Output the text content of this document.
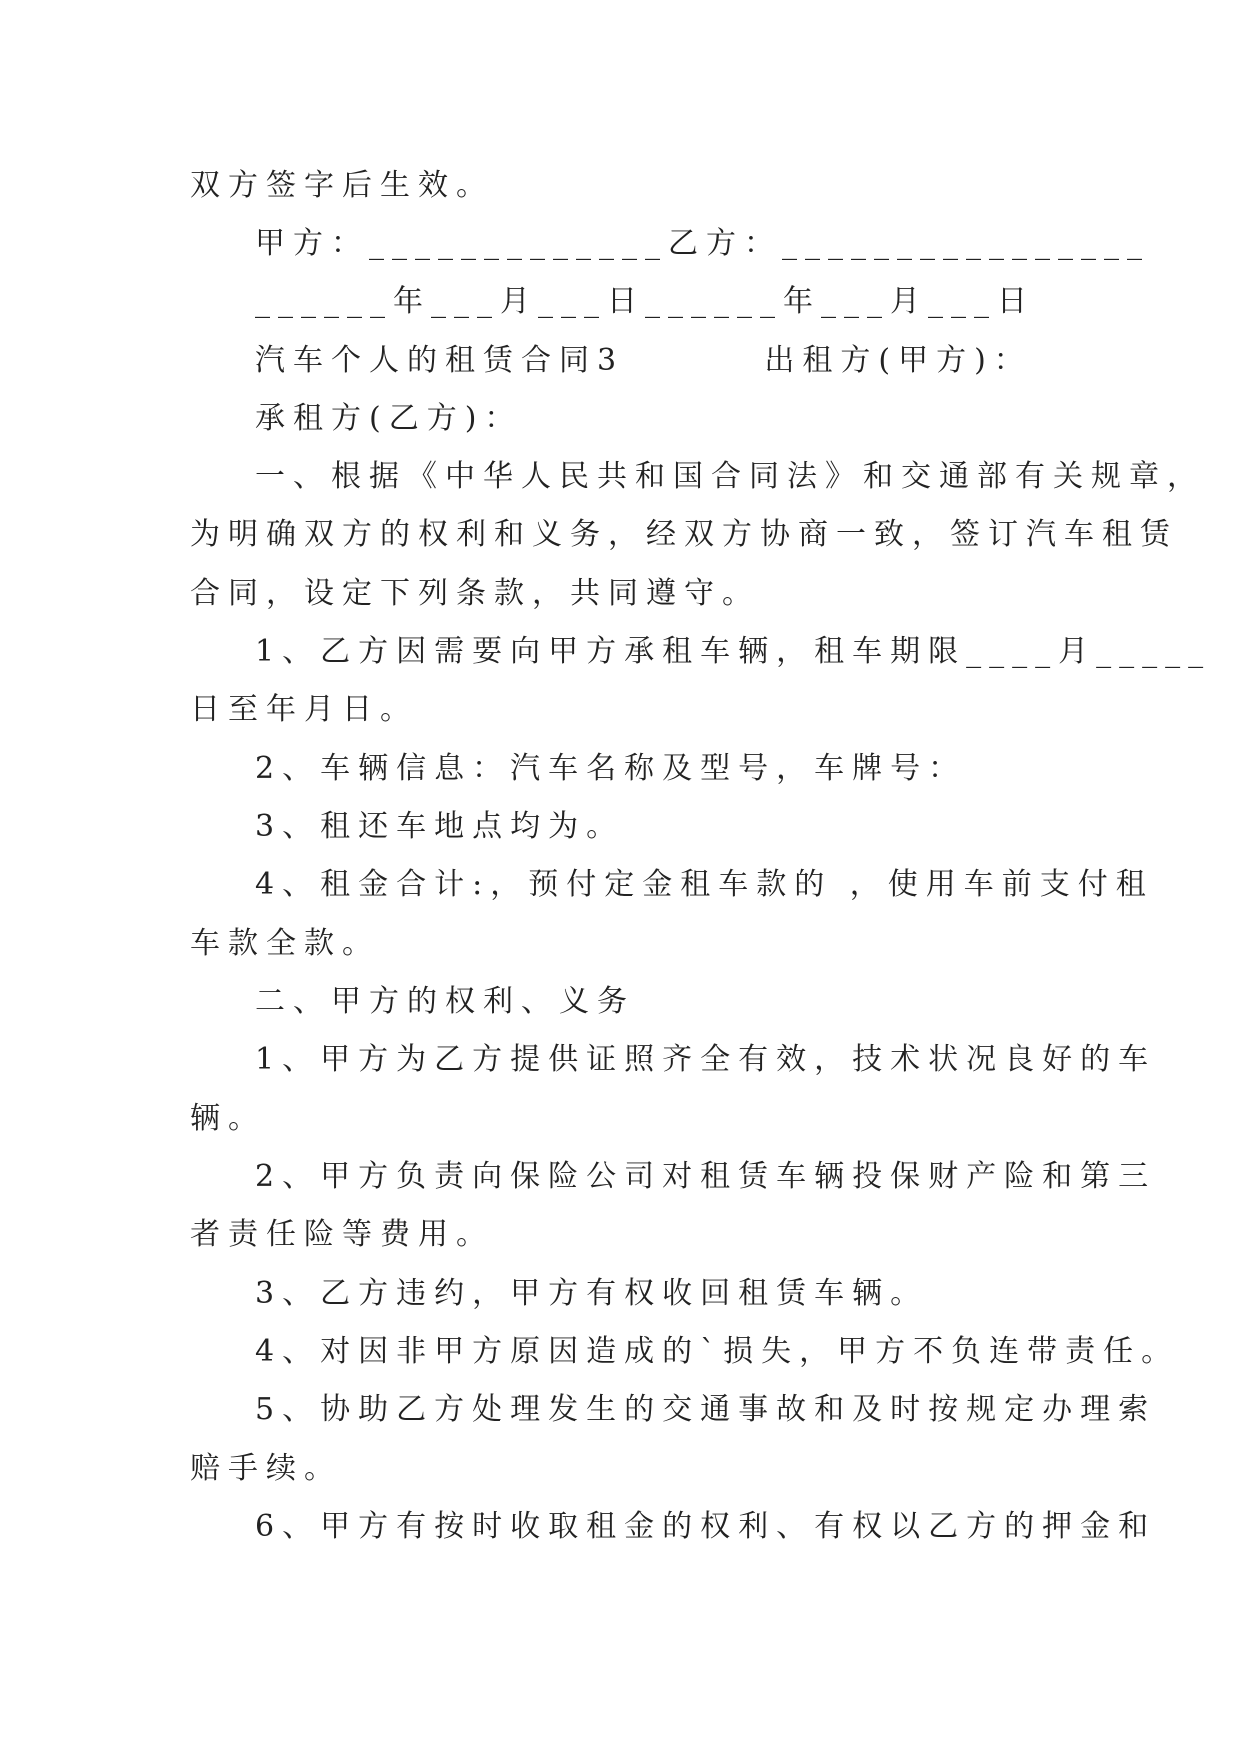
双方签字后生效。
甲方：_____________乙方：________________
______年___月___日______年___月___日
汽车个人的租赁合同3        出租方(甲方)：
承租方(乙方)：
一、根据《中华人民共和国合同法》和交通部有关规章，
为明确双方的权利和义务，经双方协商一致，签订汽车租赁
合同，设定下列条款，共同遵守。
1、乙方因需要向甲方承租车辆，租车期限____月_____
日至年月日。
2、车辆信息：汽车名称及型号，车牌号：
3、租还车地点均为。
4、租金合计:，预付定金租车款的 ，使用车前支付租
车款全款。
二、甲方的权利、义务
1、甲方为乙方提供证照齐全有效，技术状况良好的车
辆。
2、甲方负责向保险公司对租赁车辆投保财产险和第三
者责任险等费用。
3、乙方违约，甲方有权收回租赁车辆。
4、对因非甲方原因造成的`损失，甲方不负连带责任。
5、协助乙方处理发生的交通事故和及时按规定办理索
赔手续。
6、甲方有按时收取租金的权利、有权以乙方的押金和
